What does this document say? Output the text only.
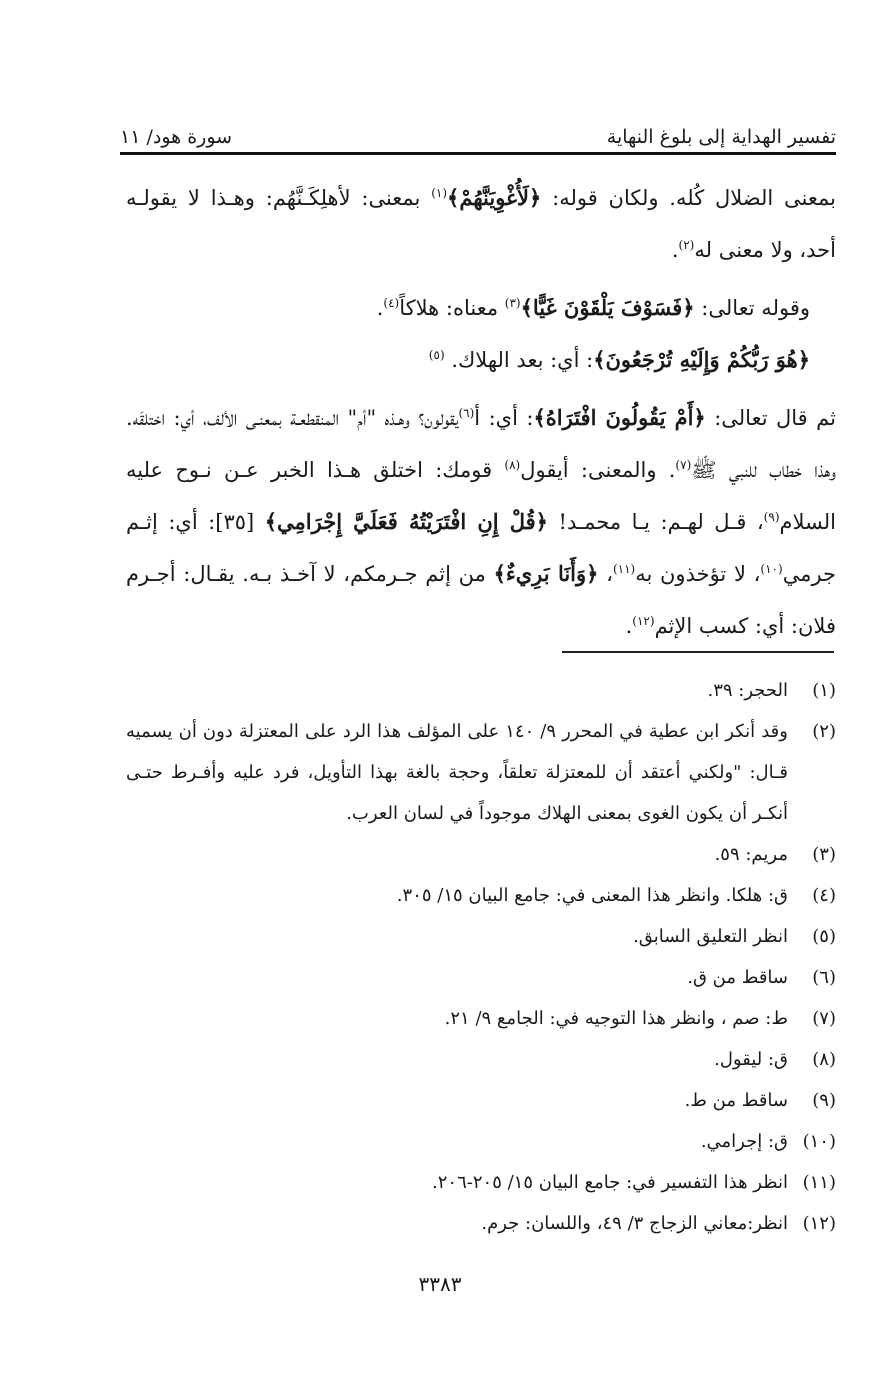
تفسير الهداية إلى بلوغ النهاية
سورة هود/ ١١

بمعنى الضلال كُله. ولكان قوله: ﴿لَأُغْوِيَنَّهُمْ﴾$^{(١)}$ بمعنى: لأهلِكَـنَّهُم: وهـذا لا يقولـه أحد، ولا معنى له$^{(٢)}$.

وقوله تعالى: ﴿فَسَوْفَ يَلْقَوْنَ غَيًّا﴾$^{(٣)}$ معناه: هلاكاً$^{(٤)}$.

﴿هُوَ رَبُّكُمْ وَإِلَيْهِ تُرْجَعُونَ﴾: أي: بعد الهلاك. $^{(٥)}$

ثم قال تعالى: ﴿أَمْ يَقُولُونَ افْتَرَاهُ﴾: أي: أ$^{(٦)}$يقولون؟ وهـذه "أم" المنقطعـة بمعنـى الألف، أي: اختلقَه. وهذا خطاب للنبي ﷺ$^{(٧)}$. والمعنى: أيقول$^{(٨)}$ قومك: اختلق هـذا الخبر عـن نـوح عليه السلام$^{(٩)}$، قـل لهـم: يـا محمـد! ﴿قُلْ إِنِ افْتَرَيْتُهُ فَعَلَيَّ إِجْرَامِي﴾ [٣٥]: أي: إثـم جرمي$^{(١٠)}$، لا تؤخذون به$^{(١١)}$، ﴿وَأَنَا بَرِيءٌ﴾ من إثم جـرمكم، لا آخـذ بـه. يقـال: أجـرم فلان: أي: كسب الإثم$^{(١٢)}$.

(١)
الحجر: ٣٩.
(٢)
وقد أنكر ابن عطية في المحرر ٩/ ١٤٠ على المؤلف هذا الرد على المعتزلة دون أن يسميه قـال: "ولكني أعتقد أن للمعتزلة تعلقاً، وحجة بالغة بهذا التأويل، فرد عليه وأفـرط حتـى أنكـر أن يكون الغوى بمعنى الهلاك موجوداً في لسان العرب.
(٣)
مريم: ٥٩.
(٤)
ق: هلكا. وانظر هذا المعنى في: جامع البيان ١٥/ ٣٠٥.
(٥)
انظر التعليق السابق.
(٦)
ساقط من ق.
(٧)
ط: صم ، وانظر هذا التوجيه في: الجامع ٩/ ٢١.
(٨)
ق: ليقول.
(٩)
ساقط من ط.
(١٠)
ق: إجرامي.
(١١)
انظر هذا التفسير في: جامع البيان ١٥/ ٢٠٥-٢٠٦.
(١٢)
انظر:معاني الزجاج ٣/ ٤٩، واللسان: جرم.
٣٣٨٣
